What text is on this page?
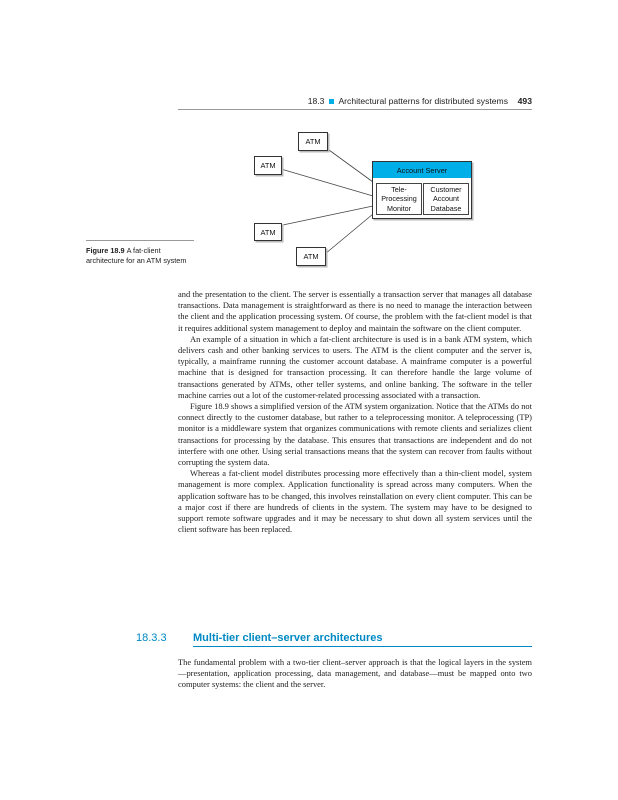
18.3 Architectural patterns for distributed systems 493
ATM
ATM
ATM
ATM
Account Server
Tele-
Processing
Monitor
Customer
Account
Database
Figure 18.9 A fat-client architecture for an ATM system

and the presentation to the client. The server is essentially a transaction server that manages all database transactions. Data management is straightforward as there is no need to manage the interaction between the client and the application processing system. Of course, the problem with the fat-client model is that it requires additional system management to deploy and maintain the software on the client computer.

An example of a situation in which a fat-client architecture is used is in a bank ATM system, which delivers cash and other banking services to users. The ATM is the client computer and the server is, typically, a mainframe running the customer account database. A mainframe computer is a powerful machine that is designed for transaction processing. It can therefore handle the large volume of transactions generated by ATMs, other teller systems, and online banking. The software in the teller machine carries out a lot of the customer-related processing associated with a transaction.

Figure 18.9 shows a simplified version of the ATM system organization. Notice that the ATMs do not connect directly to the customer database, but rather to a teleprocessing monitor. A teleprocessing (TP) monitor is a middleware system that organizes communications with remote clients and serializes client transactions for processing by the database. This ensures that transactions are independent and do not interfere with one other. Using serial transactions means that the system can recover from faults without corrupting the system data.

Whereas a fat-client model distributes processing more effectively than a thin-client model, system management is more complex. Application functionality is spread across many computers. When the application software has to be changed, this involves reinstallation on every client computer. This can be a major cost if there are hundreds of clients in the system. The system may have to be designed to support remote software upgrades and it may be necessary to shut down all system services until the client software has been replaced.

18.3.3 Multi-tier client–server architectures

The fundamental problem with a two-tier client–server approach is that the logical layers in the system—presentation, application processing, data management, and database—must be mapped onto two computer systems: the client and the server.
